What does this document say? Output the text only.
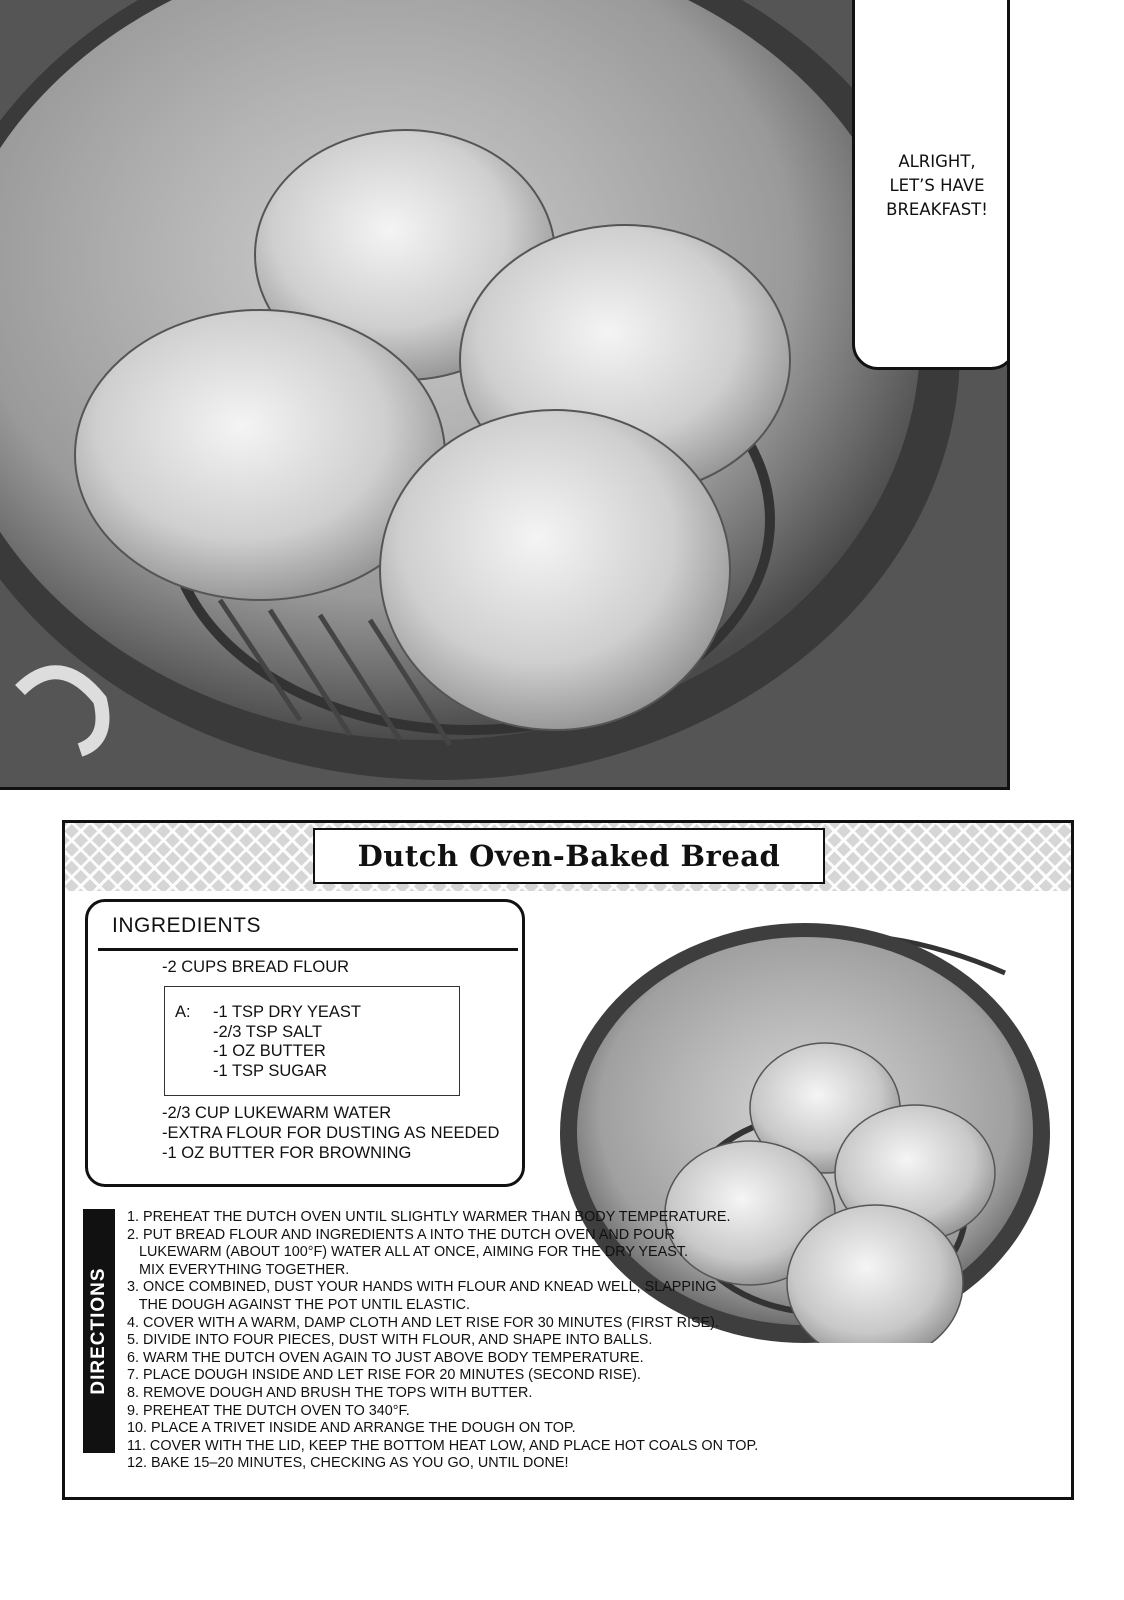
ALRIGHT,
LET’S HAVE
BREAKFAST!
Dutch Oven-Baked Bread
INGREDIENTS
-2 CUPS BREAD FLOUR
A: -1 TSP DRY YEAST
-2/3 TSP SALT
-1 OZ BUTTER
-1 TSP SUGAR
-2/3 CUP LUKEWARM WATER
-EXTRA FLOUR FOR DUSTING AS NEEDED
-1 OZ BUTTER FOR BROWNING
DIRECTIONS
1. PREHEAT THE DUTCH OVEN UNTIL SLIGHTLY WARMER THAN BODY TEMPERATURE.
2. PUT BREAD FLOUR AND INGREDIENTS A INTO THE DUTCH OVEN AND POUR
LUKEWARM (ABOUT 100°F) WATER ALL AT ONCE, AIMING FOR THE DRY YEAST.
MIX EVERYTHING TOGETHER.
3. ONCE COMBINED, DUST YOUR HANDS WITH FLOUR AND KNEAD WELL, SLAPPING
THE DOUGH AGAINST THE POT UNTIL ELASTIC.
4. COVER WITH A WARM, DAMP CLOTH AND LET RISE FOR 30 MINUTES (FIRST RISE).
5. DIVIDE INTO FOUR PIECES, DUST WITH FLOUR, AND SHAPE INTO BALLS.
6. WARM THE DUTCH OVEN AGAIN TO JUST ABOVE BODY TEMPERATURE.
7. PLACE DOUGH INSIDE AND LET RISE FOR 20 MINUTES (SECOND RISE).
8. REMOVE DOUGH AND BRUSH THE TOPS WITH BUTTER.
9. PREHEAT THE DUTCH OVEN TO 340°F.
10. PLACE A TRIVET INSIDE AND ARRANGE THE DOUGH ON TOP.
11. COVER WITH THE LID, KEEP THE BOTTOM HEAT LOW, AND PLACE HOT COALS ON TOP.
12. BAKE 15–20 MINUTES, CHECKING AS YOU GO, UNTIL DONE!
